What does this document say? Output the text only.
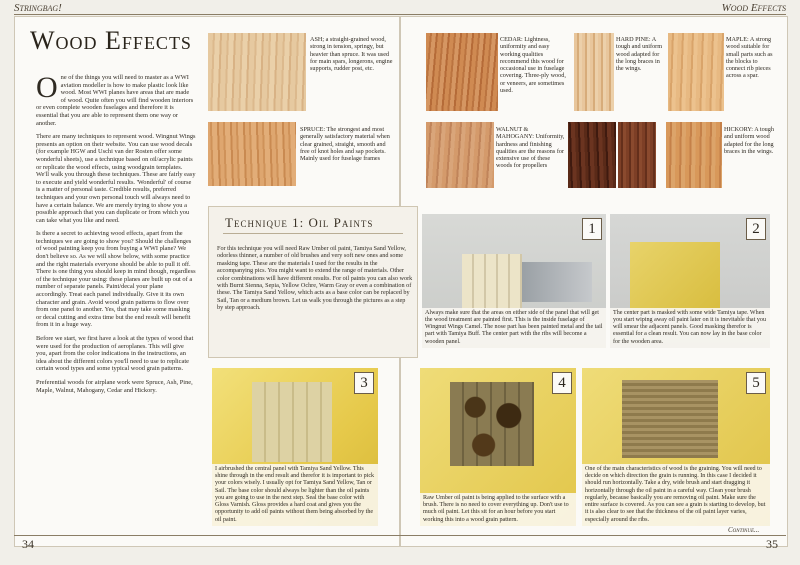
Stringbag!	Wood Effects
Wood Effects

One of the things you will need to master as a WWI aviation modeller is how to make plastic look like wood. Most WWI planes have areas that are made of wood. Quite often you will find wooden interiors or even complete wooden fuselages and therefore it is essential that you are able to represent them one way or another.

There are many techniques to represent wood. Wingnut Wings presents an option on their website. You can use wood decals (for example HGW and Uschi van der Rosten offer some wonderful sheets), use a technique based on oil/acrylic paints or replicate the wood effects, using woodgrain templates. We'll walk you through these techniques. These are fairly easy to execute and yield wonderful results. 'Wonderful' of course is a matter of personal taste. Credible results, preferred techniques and your own personal touch will always need to have a certain balance. We are merely trying to show you a possible approach that you can duplicate or from which you can take what you like and need.

Is there a secret to achieving wood effects, apart from the techniques we are going to show you? Should the challenges of wood painting keep you from buying a WWI plane? We don't believe so. As we will show below, with some practice and the right materials everyone should be able to pull it off. There is one thing you should keep in mind though, regardless of the technique your using: these planes are built up out of a number of separate panels. Paint/decal your plane accordingly. Treat each panel individually. Give it its own character and grain. Avoid wood grain patterns to flow over from one panel to another. Yes, that may take some masking or decal cutting and extra time but the end result will benefit from it in a huge way.

Before we start, we first have a look at the types of wood that were used for the production of aeroplanes. This will give you, apart from the color indications in the instructions, an idea about the different colors you'll need to use to replicate certain wood types and some typical wood grain patterns.

Preferential woods for airplane work were Spruce, Ash, Pine, Maple, Walnut, Mahogany, Cedar and Hickory.

ASH; a straight-grained wood, strong in tension, springy, but heavier than spruce. It was used for main spars, longerons, engine supports, rudder post, etc.
SPRUCE: The strongest and most generally satisfactory material when clear grained, straight, smooth and free of knot holes and sap pockets. Mainly used for fuselage frames
CEDAR: Lightness, uniformity and easy working qualities recommend this wood for occasional use in fuselage covering. Three-ply wood, or veneers, are sometimes used.
HARD PINE: A tough and uniform wood adapted for the long braces in the wings.
MAPLE: A strong wood suitable for small parts such as the blocks to connect rib pieces across a spar.
WALNUT & MAHOGANY: Uniformity, hardness and finishing qualities are the reasons for extensive use of these woods for propellers
HICKORY: A tough and uniform wood adapted for the long braces in the wings.
Technique 1: Oil Paints
For this technique you will need Raw Umber oil paint, Tamiya Sand Yellow, odorless thinner, a number of old brushes and very soft new ones and some masking tape. These are the materials I used for the results in the accompanying pics. You might want to extend the range of materials. Other color combinations will have different results. For oil paints you can also work with Burnt Sienna, Sepia, Yellow Ochre, Warm Gray or even a combination of these. The Tamiya Sand Yellow, which acts as a base color can be replaced by Sail, Tan or a medium brown. Let us walk you through the pictures as a step by step approach.
1
Always make sure that the areas on either side of the panel that will get the wood treatment are painted first. This is the inside fuselage of Wingnut Wings Camel. The nose part has been painted metal and the tail part with Tamiya Buff. The center part with the ribs will become a wooden panel.
2
The center part is masked with some wide Tamiya tape. When you start wiping away oil paint later on it is inevitable that you will smear the adjacent panels. Good masking therefor is essential for a clean result. You can now lay in the base color for the wooden area.
3
I airbrushed the central panel with Tamiya Sand Yellow. This shine through in the end result and therefor it is important to pick your colors wisely. I usually opt for Tamiya Sand Yellow, Tan or Sail. The base color should always be lighter than the oil paints you are going to use in the next step. Seal the base color with Gloss Varnish. Gloss provides a hard coat and gives you the opportunity to add oil paints without them being absorbed by the oil paint.
4
Raw Umber oil paint is being applied to the surface with a brush. There is no need to cover everything up. Don't use to much oil paint. Let this sit for an hour before you start working this into a wood grain pattern.
5
One of the main characteristics of wood is the graining. You will need to decide on which direction the grain is running. In this case I decided it should run horizontally. Take a dry, wide brush and start dragging it horizontally through the oil paint in a careful way. Clean your brush regularly, because basically you are removing oil paint. Make sure the entire surface is covered. As you can see a grain is starting to develop, but it is also clear to see that the thickness of the oil paint layer varies, especially around the ribs.
Continue...
34	35
